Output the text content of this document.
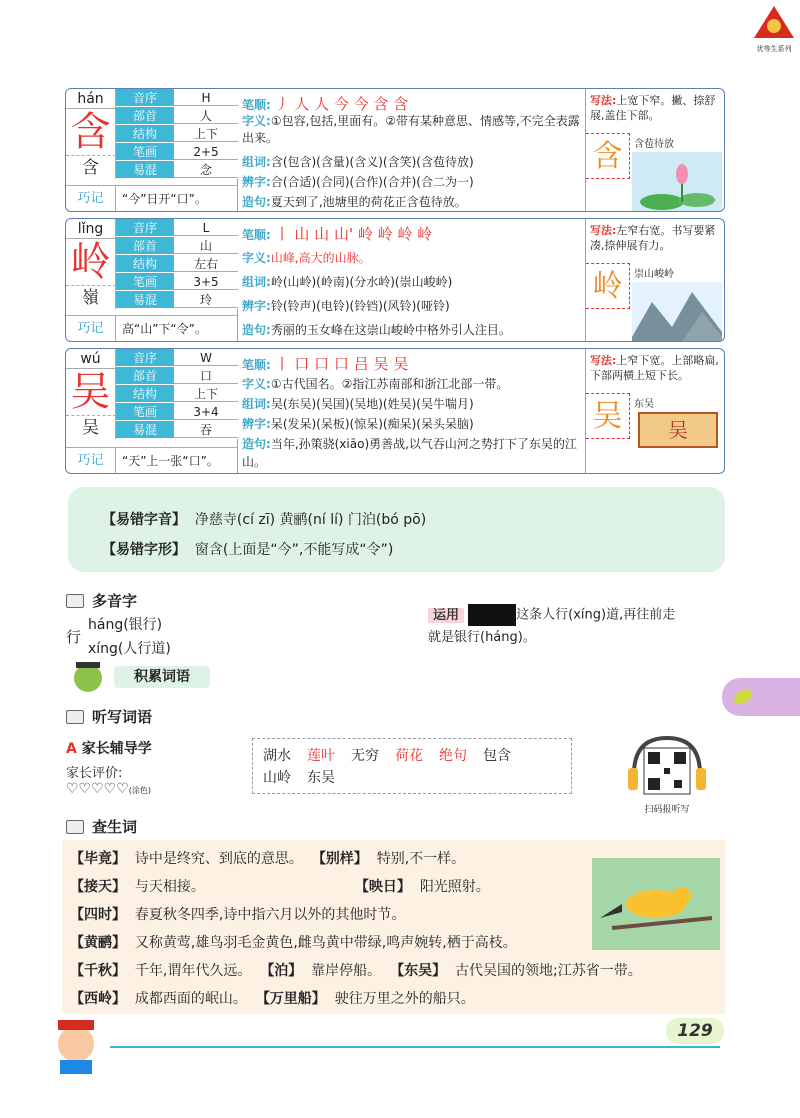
优等生系列
hán
含
含
音序	H
部首	人
结构	上下
笔画	2+5
易混	念
巧记	“今”日开“口”。
笔顺: 丿 人 人 今 今 含 含
字义:①包容,包括,里面有。②带有某种意思、情感等,不完全表露出来。
组词:含(包含)(含量)(含义)(含笑)(含苞待放)
辨字:合(合适)(合同)(合作)(合并)(合二为一)
造句:夏天到了,池塘里的荷花正含苞待放。
写法:上宽下窄。撇、捺舒展,盖住下部。
含	含苞待放
lǐng
岭
嶺
音序	L
部首	山
结构	左右
笔画	3+5
易混	玲
巧记	高“山”下“令”。
笔顺: 丨 山 山 山' 岭 岭 岭 岭
字义:山峰,高大的山脉。
组词:岭(山岭)(岭南)(分水岭)(崇山峻岭)
辨字:铃(铃声)(电铃)(铃铛)(风铃)(哑铃)
造句:秀丽的玉女峰在这崇山峻岭中格外引人注目。
写法:左窄右宽。书写要紧凑,捺伸展有力。
岭	崇山峻岭
wú
吴
吴
音序	W
部首	口
结构	上下
笔画	3+4
易混	吞
巧记	“天”上一张“口”。
笔顺: 丨 口 口 口 吕 吴 吴
字义:①古代国名。②指江苏南部和浙江北部一带。
组词:吴(东吴)(吴国)(吴地)(姓吴)(吴牛喘月)
辨字:呆(发呆)(呆板)(惊呆)(痴呆)(呆头呆脑)
造句:当年,孙策骁(xiāo)勇善战,以气吞山河之势打下了东吴的江山。
写法:上窄下宽。上部略扁,下部两横上短下长。
吴	东吴
吴
【易错字音】 净慈寺(cí zī) 黄鹂(ní lí) 门泊(bó pō)
【易错字形】 窗含(上面是“今”,不能写成“令”)
多音字
行
háng(银行)
xíng(人行道)
运用	这条人行(xíng)道,再往前走
就是银行(háng)。
积累词语
听写词语
A 家长辅导学
家长评价:
♡♡♡♡♡(涂色)
湖水 莲叶 无穷 荷花 绝句 包含
山岭 东吴
扫码报听写
查生词
【毕竟】 诗中是终究、到底的意思。 【别样】 特别,不一样。
【接天】 与天相接。	【映日】 阳光照射。
【四时】 春夏秋冬四季,诗中指六月以外的其他时节。
【黄鹂】 又称黄莺,雄鸟羽毛金黄色,雌鸟黄中带绿,鸣声婉转,栖于高枝。
【千秋】 千年,谓年代久远。 【泊】 靠岸停船。 【东吴】 古代吴国的领地;江苏省一带。
【西岭】 成都西面的岷山。 【万里船】 驶往万里之外的船只。
129
